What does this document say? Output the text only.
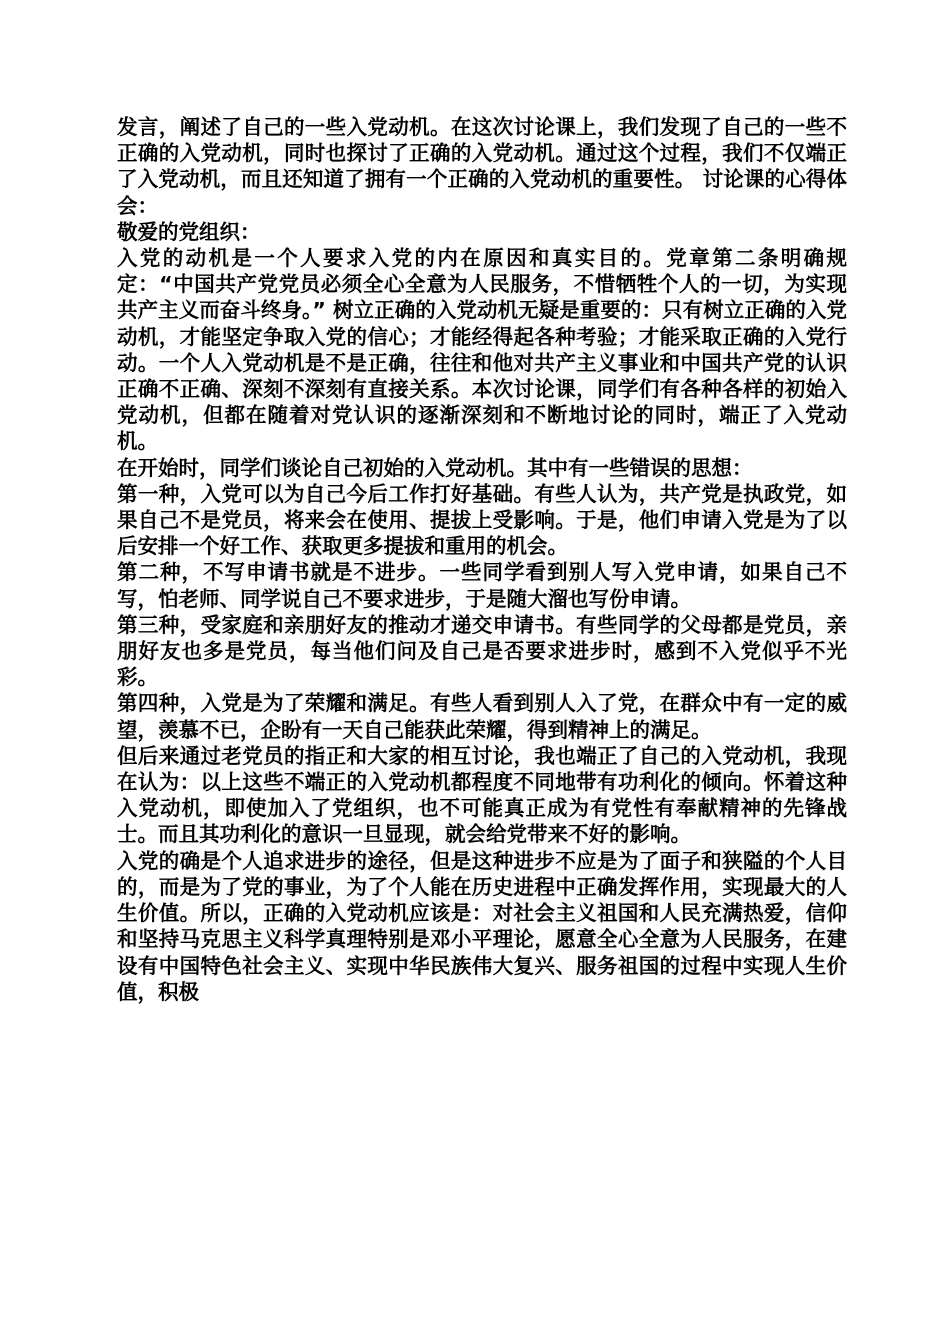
发言，阐述了自己的一些入党动机。在这次讨论课上，我们发现了自己的一些不正确的入党动机，同时也探讨了正确的入党动机。通过这个过程，我们不仅端正了入党动机，而且还知道了拥有一个正确的入党动机的重要性。 讨论课的心得体会：

敬爱的党组织：

入党的动机是一个人要求入党的内在原因和真实目的。党章第二条明确规定：“中国共产党党员必须全心全意为人民服务，不惜牺牲个人的一切，为实现共产主义而奋斗终身。” 树立正确的入党动机无疑是重要的：只有树立正确的入党动机，才能坚定争取入党的信心；才能经得起各种考验；才能采取正确的入党行动。一个人入党动机是不是正确，往往和他对共产主义事业和中国共产党的认识正确不正确、深刻不深刻有直接关系。本次讨论课，同学们有各种各样的初始入党动机，但都在随着对党认识的逐渐深刻和不断地讨论的同时，端正了入党动机。

在开始时，同学们谈论自己初始的入党动机。其中有一些错误的思想：

第一种，入党可以为自己今后工作打好基础。有些人认为，共产党是执政党，如果自己不是党员，将来会在使用、提拔上受影响。于是，他们申请入党是为了以后安排一个好工作、获取更多提拔和重用的机会。

第二种，不写申请书就是不进步。一些同学看到别人写入党申请，如果自己不写，怕老师、同学说自己不要求进步，于是随大溜也写份申请。

第三种，受家庭和亲朋好友的推动才递交申请书。有些同学的父母都是党员，亲朋好友也多是党员，每当他们问及自己是否要求进步时，感到不入党似乎不光彩。

第四种，入党是为了荣耀和满足。有些人看到别人入了党，在群众中有一定的威望，羡慕不已，企盼有一天自己能获此荣耀，得到精神上的满足。

但后来通过老党员的指正和大家的相互讨论，我也端正了自己的入党动机，我现在认为：以上这些不端正的入党动机都程度不同地带有功利化的倾向。怀着这种入党动机，即使加入了党组织，也不可能真正成为有党性有奉献精神的先锋战士。而且其功利化的意识一旦显现，就会给党带来不好的影响。

入党的确是个人追求进步的途径，但是这种进步不应是为了面子和狭隘的个人目的，而是为了党的事业，为了个人能在历史进程中正确发挥作用，实现最大的人生价值。所以，正确的入党动机应该是：对社会主义祖国和人民充满热爱，信仰和坚持马克思主义科学真理特别是邓小平理论，愿意全心全意为人民服务，在建设有中国特色社会主义、实现中华民族伟大复兴、服务祖国的过程中实现人生价值，积极
